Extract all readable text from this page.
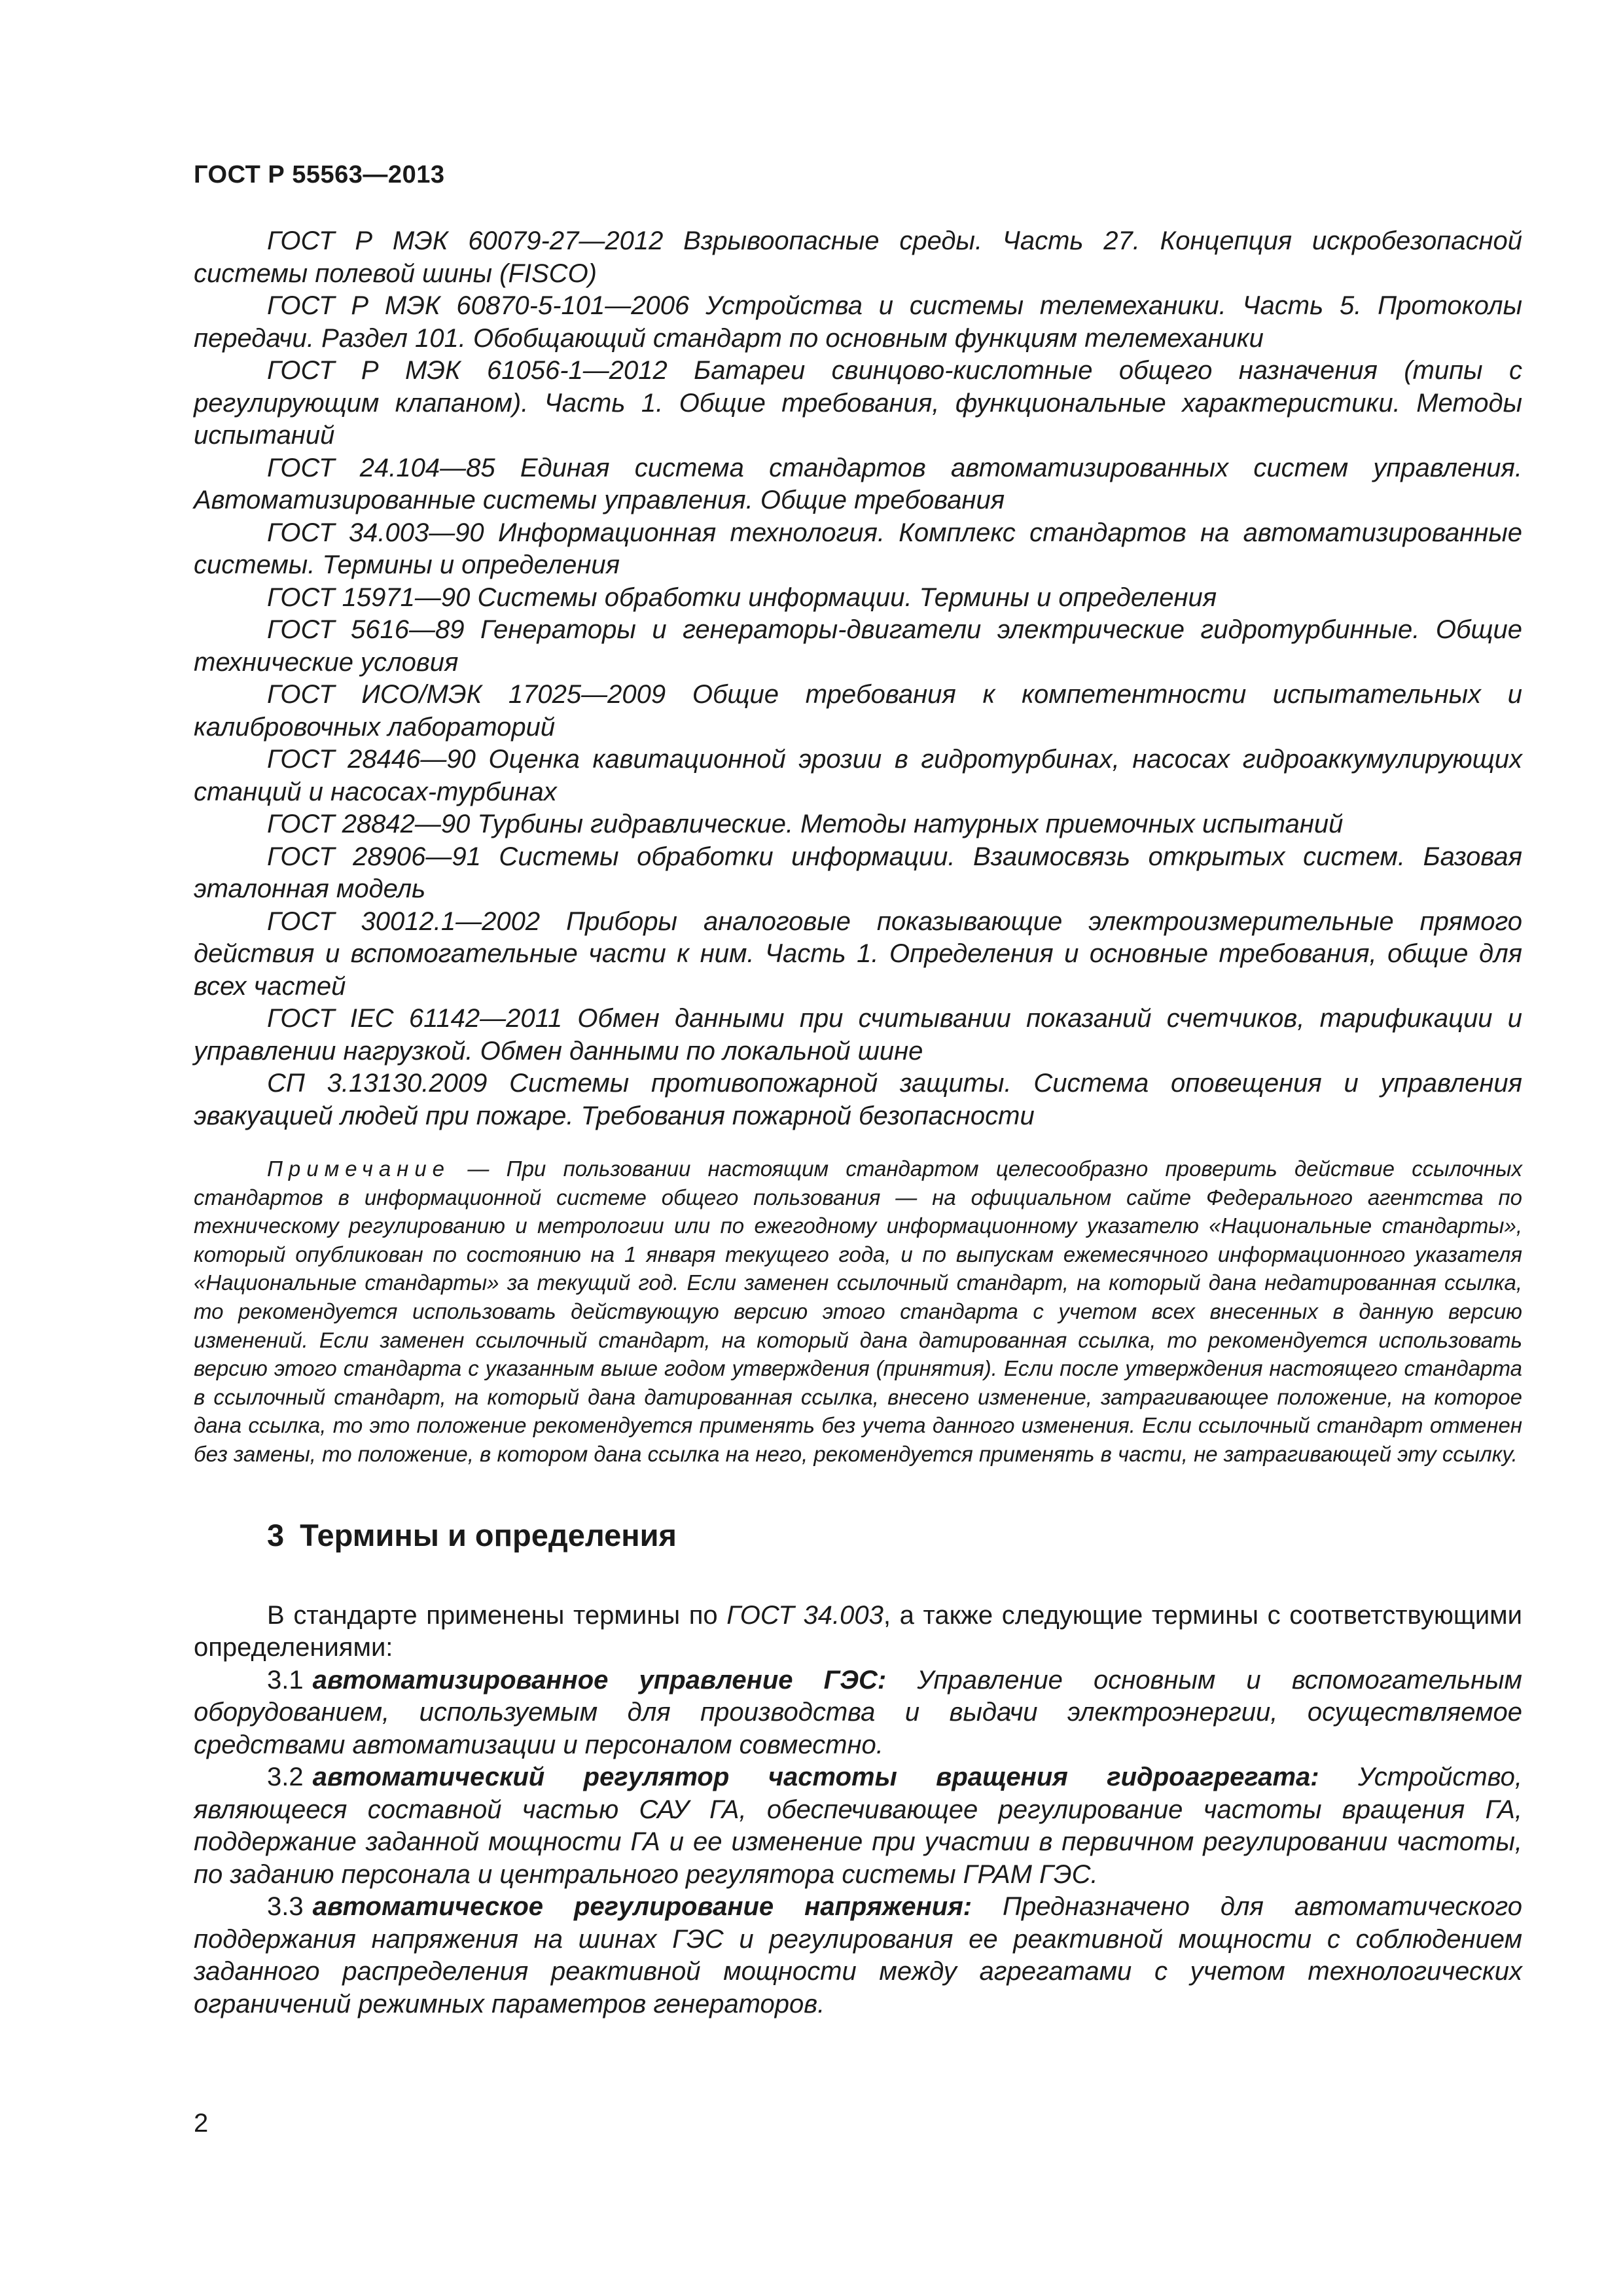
ГОСТ Р 55563—2013

ГОСТ Р МЭК 60079-27—2012 Взрывоопасные среды. Часть 27. Концепция искробезопасной системы полевой шины (FISCO)

ГОСТ Р МЭК 60870-5-101—2006 Устройства и системы телемеханики. Часть 5. Протоколы передачи. Раздел 101. Обобщающий стандарт по основным функциям телемеханики

ГОСТ Р МЭК 61056-1—2012 Батареи свинцово-кислотные общего назначения (типы с регулирующим клапаном). Часть 1. Общие требования, функциональные характеристики. Методы испытаний

ГОСТ 24.104—85 Единая система стандартов автоматизированных систем управления. Автоматизированные системы управления. Общие требования

ГОСТ 34.003—90 Информационная технология. Комплекс стандартов на автоматизированные системы. Термины и определения

ГОСТ 15971—90 Системы обработки информации. Термины и определения

ГОСТ 5616—89 Генераторы и генераторы-двигатели электрические гидротурбинные. Общие технические условия

ГОСТ ИСО/МЭК 17025—2009 Общие требования к компетентности испытательных и калибровочных лабораторий

ГОСТ 28446—90 Оценка кавитационной эрозии в гидротурбинах, насосах гидроаккумулирующих станций и насосах-турбинах

ГОСТ 28842—90 Турбины гидравлические. Методы натурных приемочных испытаний

ГОСТ 28906—91 Системы обработки информации. Взаимосвязь открытых систем. Базовая эталонная модель

ГОСТ 30012.1—2002 Приборы аналоговые показывающие электроизмерительные прямого действия и вспомогательные части к ним. Часть 1. Определения и основные требования, общие для всех частей

ГОСТ IEC 61142—2011 Обмен данными при считывании показаний счетчиков, тарификации и управлении нагрузкой. Обмен данными по локальной шине

СП 3.13130.2009 Системы противопожарной защиты. Система оповещения и управления эвакуацией людей при пожаре. Требования пожарной безопасности

Примечание — При пользовании настоящим стандартом целесообразно проверить действие ссылочных стандартов в информационной системе общего пользования — на официальном сайте Федерального агентства по техническому регулированию и метрологии или по ежегодному информационному указателю «Национальные стандарты», который опубликован по состоянию на 1 января текущего года, и по выпускам ежемесячного информационного указателя «Национальные стандарты» за текущий год. Если заменен ссылочный стандарт, на который дана недатированная ссылка, то рекомендуется использовать действующую версию этого стандарта с учетом всех внесенных в данную версию изменений. Если заменен ссылочный стандарт, на который дана датированная ссылка, то рекомендуется использовать версию этого стандарта с указанным выше годом утверждения (принятия). Если после утверждения настоящего стандарта в ссылочный стандарт, на который дана датированная ссылка, внесено изменение, затрагивающее положение, на которое дана ссылка, то это положение рекомендуется применять без учета данного изменения. Если ссылочный стандарт отменен без замены, то положение, в котором дана ссылка на него, рекомендуется применять в части, не затрагивающей эту ссылку.

3 Термины и определения

В стандарте применены термины по ГОСТ 34.003, а также следующие термины с соответствующими определениями:

3.1 автоматизированное управление ГЭС: Управление основным и вспомогательным оборудованием, используемым для производства и выдачи электроэнергии, осуществляемое средствами автоматизации и персоналом совместно.

3.2 автоматический регулятор частоты вращения гидроагрегата: Устройство, являющееся составной частью САУ ГА, обеспечивающее регулирование частоты вращения ГА, поддержание заданной мощности ГА и ее изменение при участии в первичном регулировании частоты, по заданию персонала и центрального регулятора системы ГРАМ ГЭС.

3.3 автоматическое регулирование напряжения: Предназначено для автоматического поддержания напряжения на шинах ГЭС и регулирования ее реактивной мощности с соблюдением заданного распределения реактивной мощности между агрегатами с учетом технологических ограничений режимных параметров генераторов.

2
